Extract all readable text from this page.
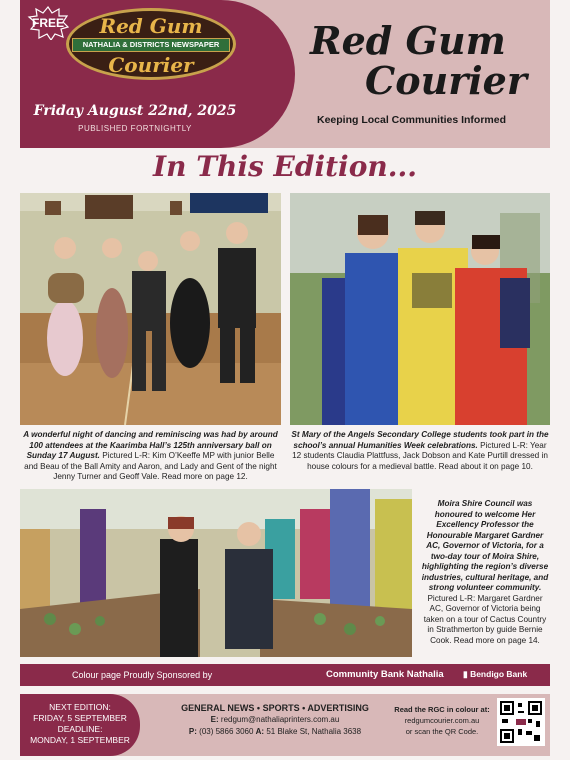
FREE	Red Gum
NATHALIA & DISTRICTS NEWSPAPER
Courier
Friday August 22nd, 2025
PUBLISHED FORTNIGHTLY
Red Gum
Courier
Keeping Local Communities Informed
In This Edition...
A wonderful night of dancing and reminiscing was had by around 100 attendees at the Kaarimba Hall’s 125th anniversary ball on Sunday 17 August. Pictured L-R: Kim O’Keeffe MP with junior Belle and Beau of the Ball Amity and Aaron, and Lady and Gent of the night Jenny Turner and Geoff Vale. Read more on page 12.
St Mary of the Angels Secondary College students took part in the school’s annual Humanities Week celebrations. Pictured L-R: Year 12 students Claudia Plattfuss, Jack Dobson and Kate Purtill dressed in house colours for a medieval battle. Read about it on page 10.
Moira Shire Council was honoured to welcome Her Excellency Professor the Honourable Margaret Gardner AC, Governor of Victoria, for a two-day tour of Moira Shire, highlighting the region’s diverse industries, cultural heritage, and strong volunteer community. Pictured L-R: Margaret Gardner AC, Governor of Victoria being taken on a tour of Cactus Country in Strathmerton by guide Bernie Cook. Read more on page 14.
Colour page Proudly Sponsored by	Community Bank Nathalia ▮ Bendigo Bank
NEXT EDITION:
FRIDAY, 5 SEPTEMBER
DEADLINE:
MONDAY, 1 SEPTEMBER
GENERAL NEWS • SPORTS • ADVERTISING
E: redgum@nathaliaprinters.com.au
P: (03) 5866 3060 A: 51 Blake St, Nathalia 3638
Read the RGC in colour at:
redgumcourier.com.au
or scan the QR Code.
